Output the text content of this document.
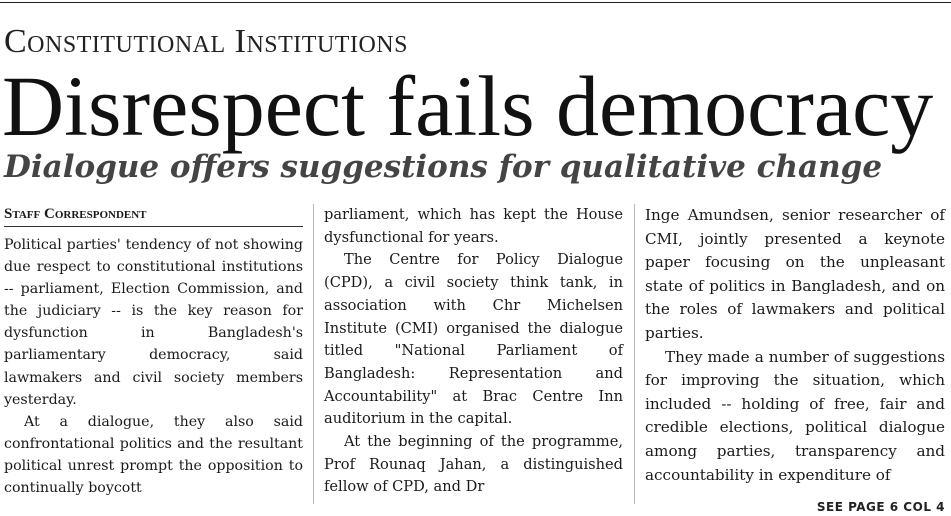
Constitutional Institutions
Disrespect fails democracy
Dialogue offers suggestions for qualitative change
Staff Correspondent

Political parties' tendency of not showing due respect to constitutional institutions -- parliament, Election Commission, and the judiciary -- is the key reason for dysfunction in Bangladesh's parliamentary democracy, said lawmakers and civil society members yesterday.

At a dialogue, they also said confrontational politics and the resultant political unrest prompt the opposition to continually boycott

parliament, which has kept the House dysfunctional for years.

The Centre for Policy Dialogue (CPD), a civil society think tank, in association with Chr Michelsen Institute (CMI) organised the dialogue titled "National Parliament of Bangladesh: Representation and Accountability" at Brac Centre Inn auditorium in the capital.

At the beginning of the programme, Prof Rounaq Jahan, a distinguished fellow of CPD, and Dr

Inge Amundsen, senior researcher of CMI, jointly presented a keynote paper focusing on the unpleasant state of politics in Bangladesh, and on the roles of lawmakers and political parties.

They made a number of suggestions for improving the situation, which included -- holding of free, fair and credible elections, political dialogue among parties, transparency and accountability in expenditure of

SEE PAGE 6 COL 4
